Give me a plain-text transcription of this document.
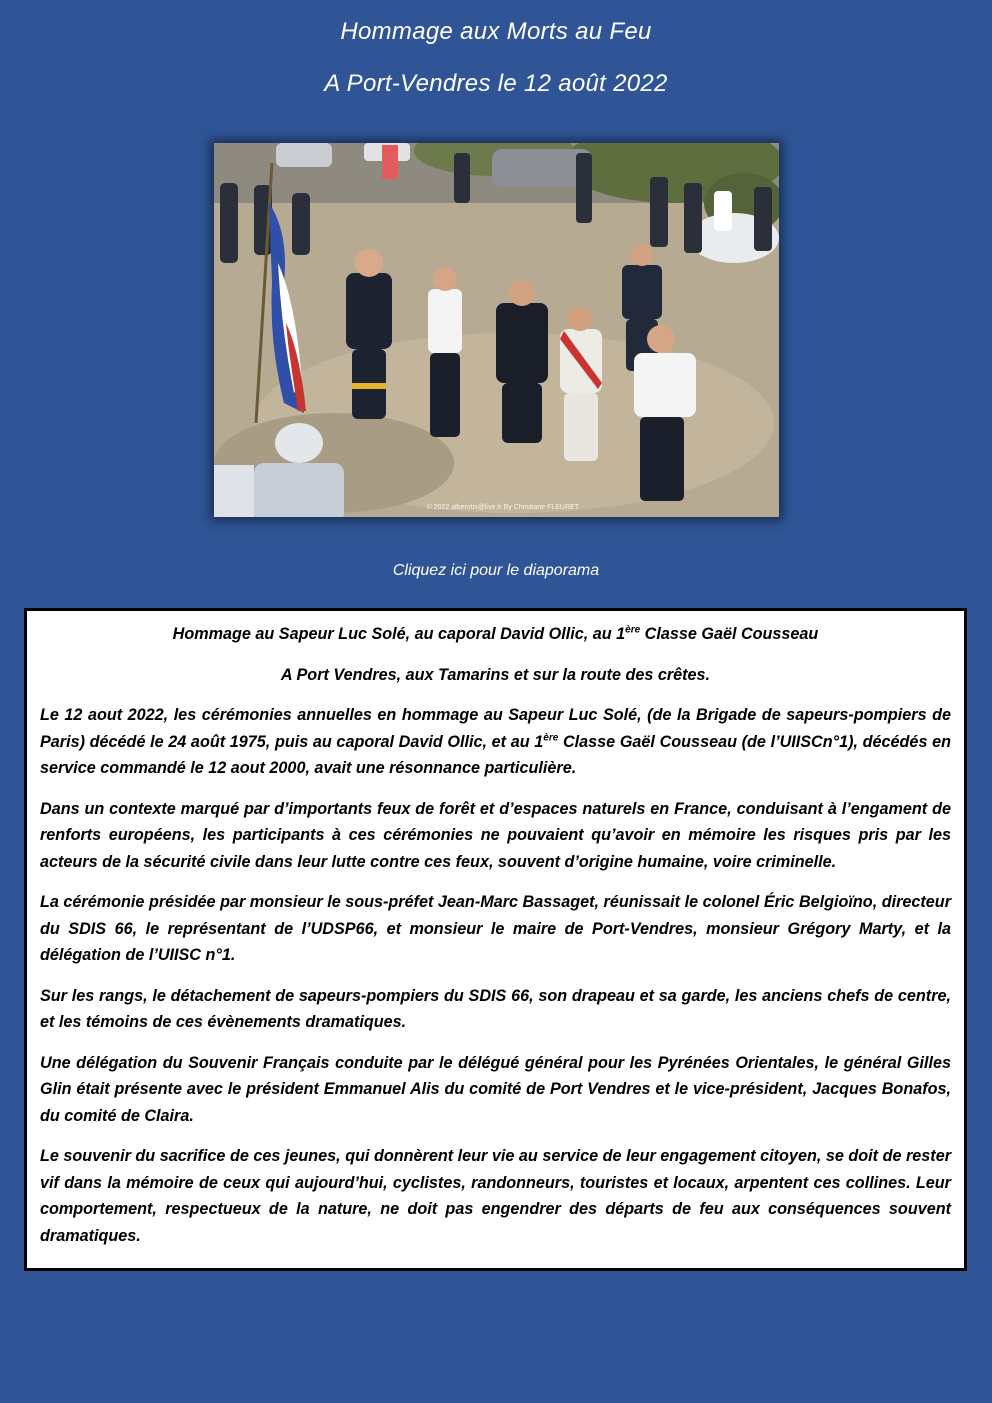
Hommage aux Morts au Feu
A Port-Vendres le 12 août 2022
© 2022 alberotis@live.fr By Christiane FLEURET
Cliquez ici pour le diaporama

Hommage au Sapeur Luc Solé, au caporal David Ollic, au 1ère Classe Gaël Cousseau

A Port Vendres, aux Tamarins et sur la route des crêtes.

Le 12 aout 2022, les cérémonies annuelles en hommage au Sapeur Luc Solé, (de la Brigade de sapeurs-pompiers de Paris) décédé le 24 août 1975, puis au caporal David Ollic, et au 1ère Classe Gaël Cousseau (de l’UIISCn°1), décédés en service commandé le 12 aout 2000, avait une résonnance particulière.

Dans un contexte marqué par d’importants feux de forêt et d’espaces naturels en France, conduisant à l’engament de renforts européens, les participants à ces cérémonies ne pouvaient qu’avoir en mémoire les risques pris par les acteurs de la sécurité civile dans leur lutte contre ces feux, souvent d’origine humaine, voire criminelle.

La cérémonie présidée par monsieur le sous-préfet Jean-Marc Bassaget, réunissait le colonel Éric Belgioïno, directeur du SDIS 66, le représentant de l’UDSP66, et monsieur le maire de Port-Vendres, monsieur Grégory Marty, et la délégation de l’UIISC n°1.

Sur les rangs, le détachement de sapeurs-pompiers du SDIS 66, son drapeau et sa garde, les anciens chefs de centre, et les témoins de ces évènements dramatiques.

Une délégation du Souvenir Français conduite par le délégué général pour les Pyrénées Orientales, le général Gilles Glin était présente avec le président Emmanuel Alis du comité de Port Vendres et le vice-président, Jacques Bonafos, du comité de Claira.

Le souvenir du sacrifice de ces jeunes, qui donnèrent leur vie au service de leur engagement citoyen, se doit de rester vif dans la mémoire de ceux qui aujourd’hui, cyclistes, randonneurs, touristes et locaux, arpentent ces collines. Leur comportement, respectueux de la nature, ne doit pas engendrer des départs de feu aux conséquences souvent dramatiques.
